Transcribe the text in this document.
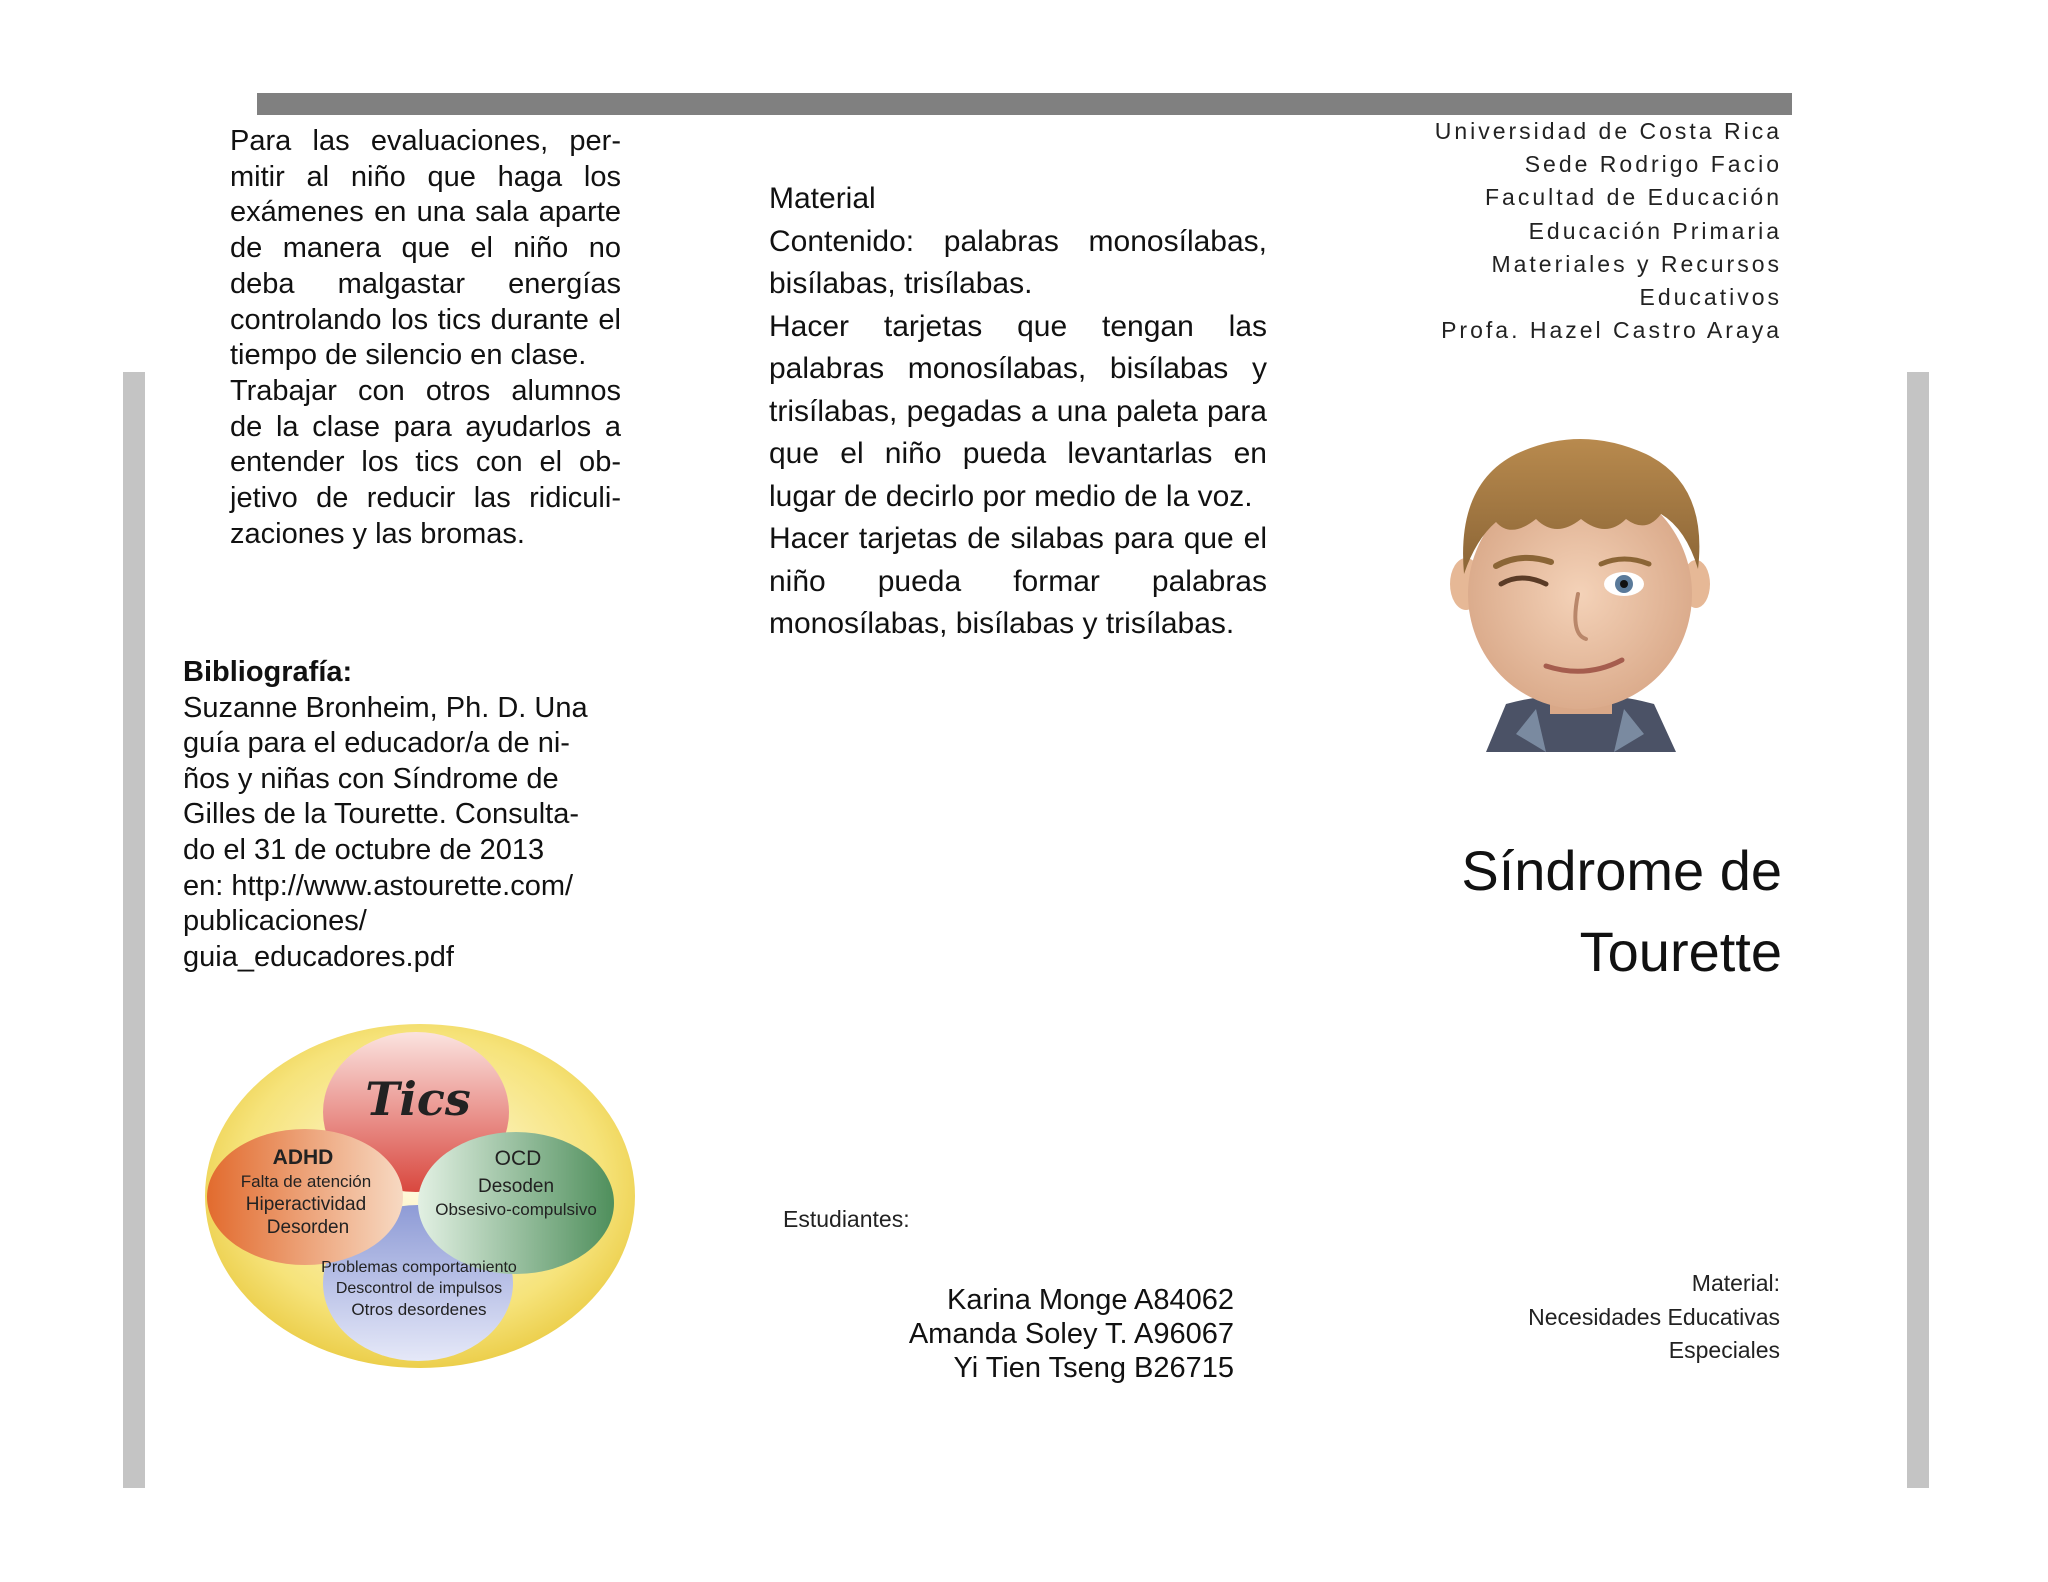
Para las evaluaciones, permitir al niño que haga los exámenes en una sala aparte de manera que el niño no deba malgastar energías controlando los tics durante el tiempo de silencio en clase.

Trabajar con otros alumnos de la clase para ayudarlos a entender los tics con el objetivo de reducir las ridiculizaciones y las bromas.

Bibliografía:
Suzanne Bronheim, Ph. D. Una
guía para el educador/a de ni-
ños y niñas con Síndrome de
Gilles de la Tourette. Consulta-
do el 31 de octubre de 2013
en: http://www.astourette.com/
publicaciones/
guia_educadores.pdf
Tics
ADHD
Falta de atención
Hiperactividad
Desorden
OCD
Desoden
Obsesivo-compulsivo
Problemas comportamiento
Descontrol de impulsos
Otros desordenes
Material

Contenido: palabras monosílabas, bisílabas, trisílabas.

Hacer tarjetas que tengan las palabras monosílabas, bisílabas y trisílabas, pegadas a una paleta para que el niño pueda levantarlas en lugar de decirlo por medio de la voz.

Hacer tarjetas de silabas para que el niño pueda formar palabras monosílabas, bisílabas y trisílabas.

Estudiantes:
Karina Monge A84062
Amanda Soley T. A96067
Yi Tien Tseng B26715
Universidad de Costa Rica
Sede Rodrigo Facio
Facultad de Educación
Educación Primaria
Materiales y Recursos
Educativos
Profa. Hazel Castro Araya
Síndrome de
Tourette
Material:
Necesidades Educativas
Especiales
